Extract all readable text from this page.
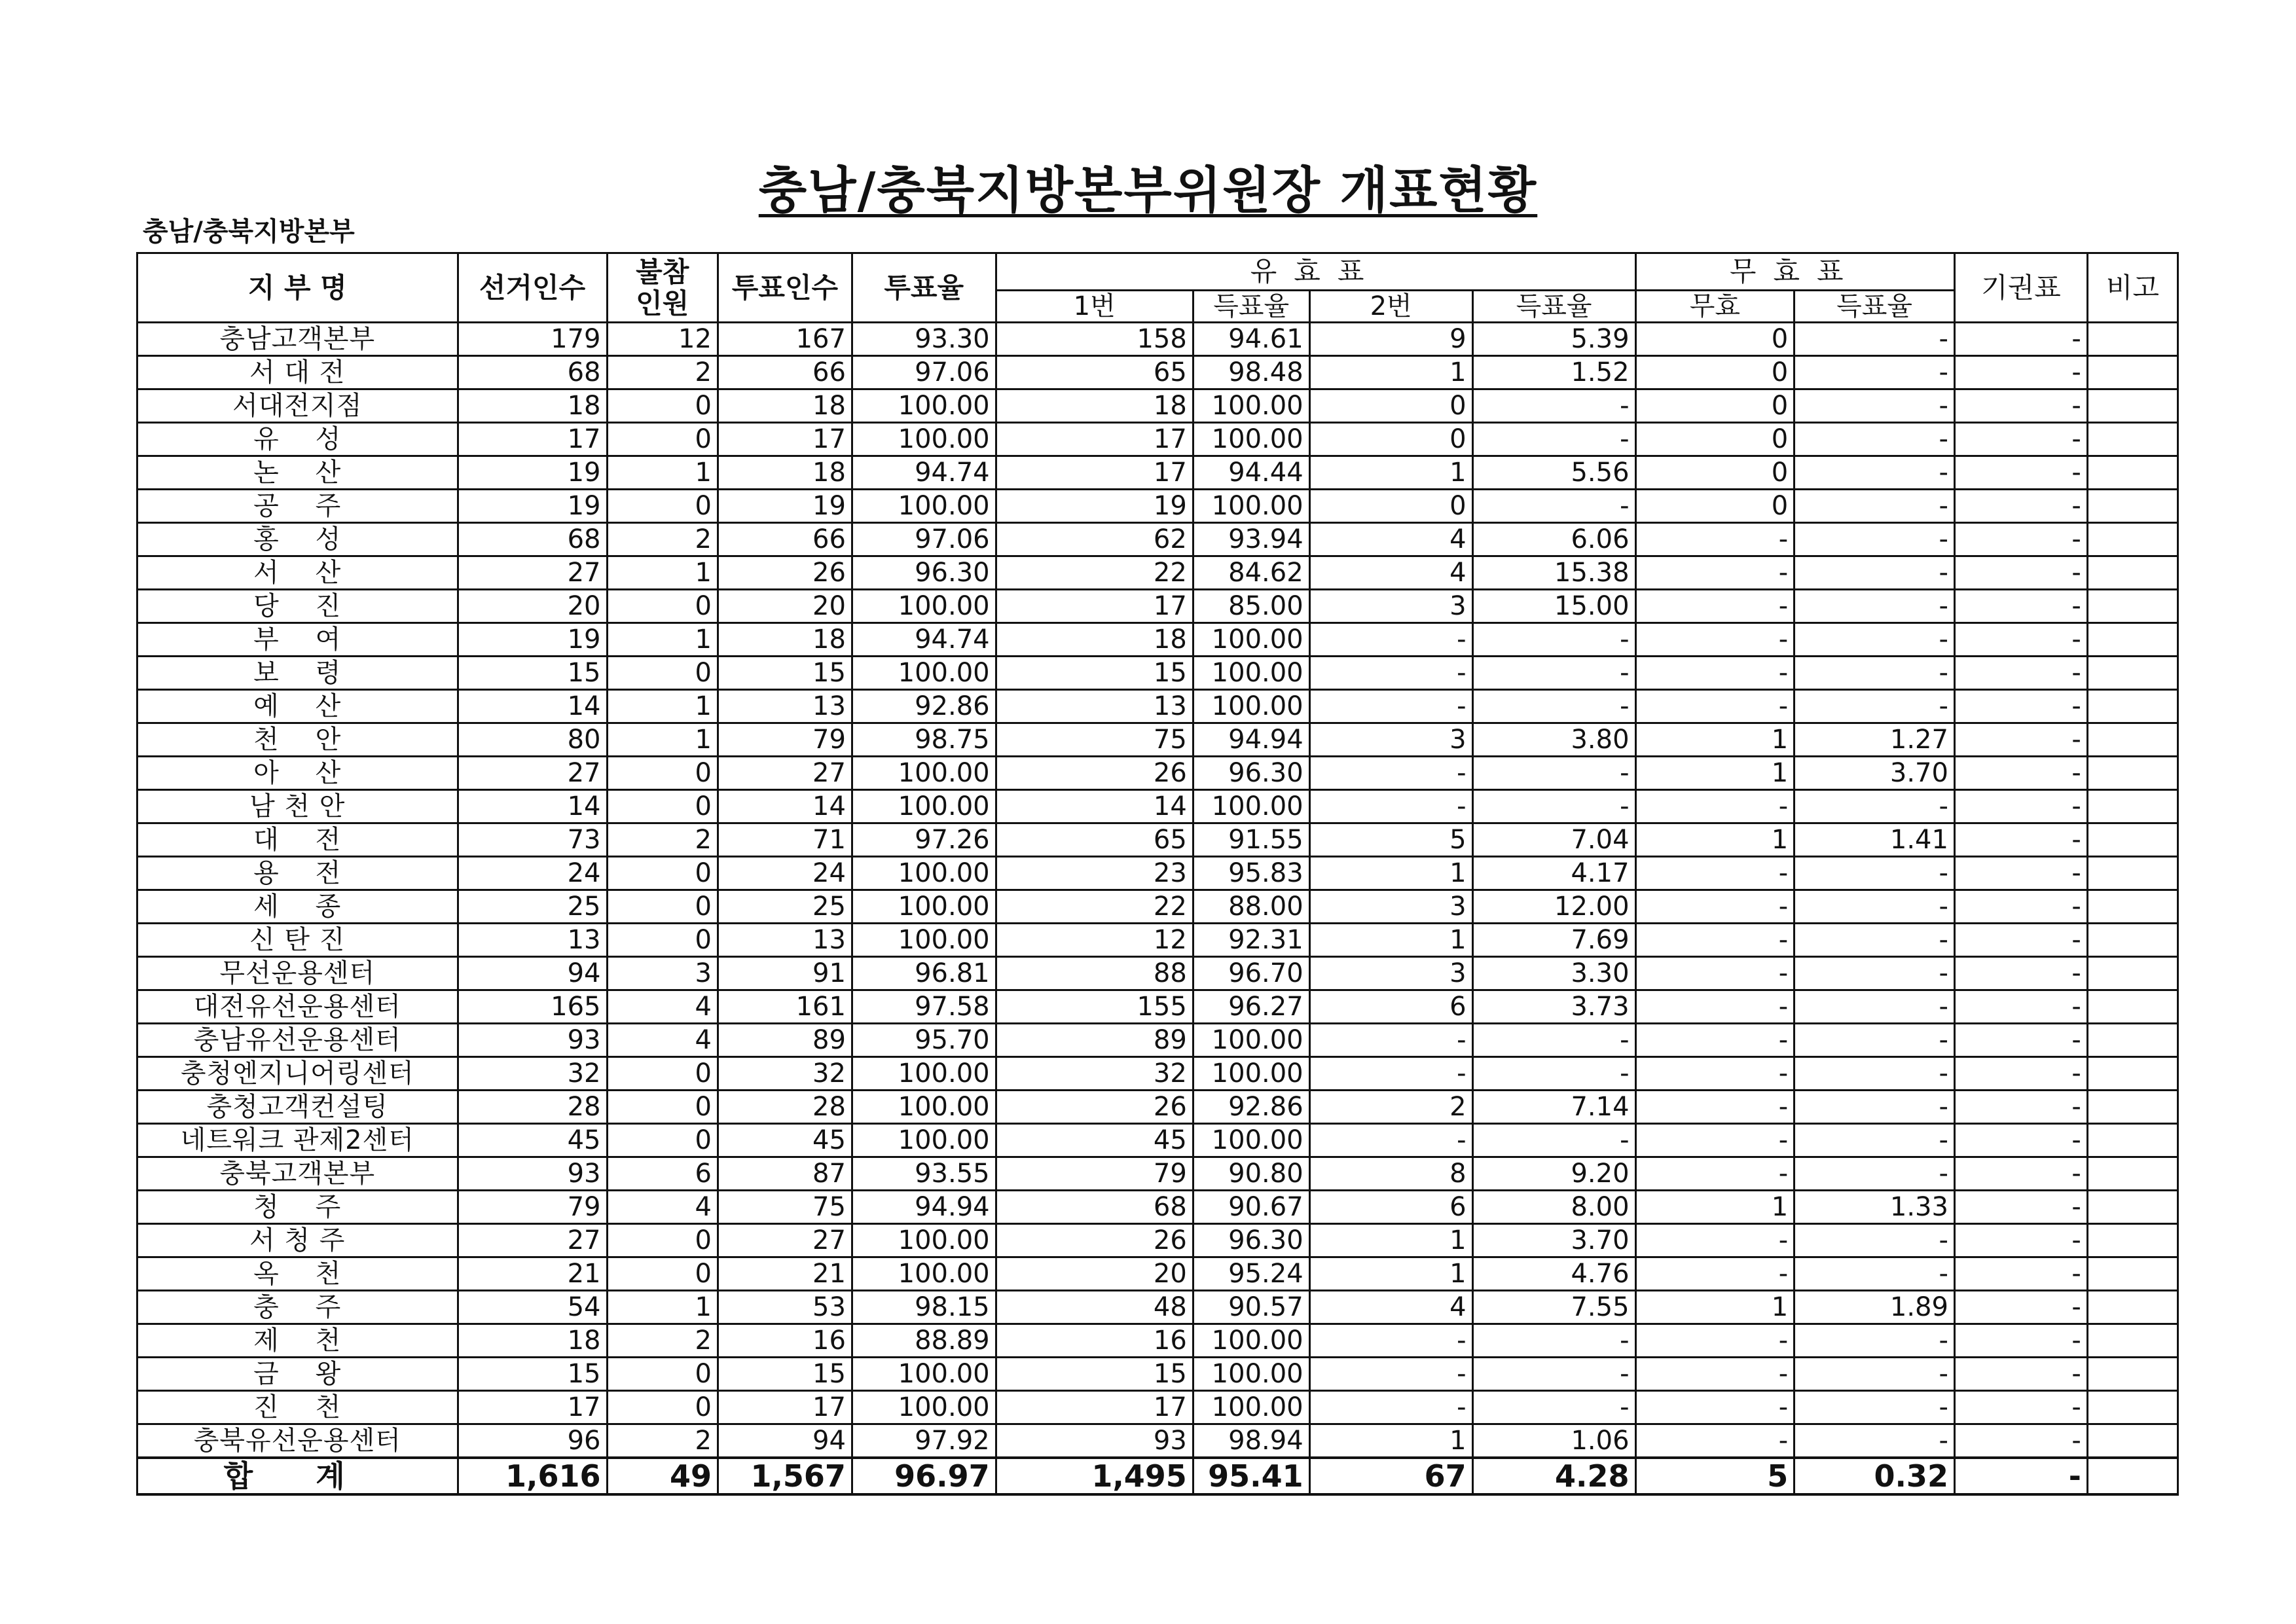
충남/충북지방본부위원장 개표현황
충남/충북지방본부
지 부 명	선거인수	불참
인원	투표인수	투표율	유효표				무효표		기권표	비고
					1번	득표율	2번	득표율	무효	득표율		
충남고객본부	179	12	167	93.30	158	94.61	9	5.39	0	-	-	
서 대 전	68	2	66	97.06	65	98.48	1	1.52	0	-	-	
서대전지점	18	0	18	100.00	18	100.00	0	-	0	-	-	
유    성	17	0	17	100.00	17	100.00	0	-	0	-	-	
논    산	19	1	18	94.74	17	94.44	1	5.56	0	-	-	
공    주	19	0	19	100.00	19	100.00	0	-	0	-	-	
홍    성	68	2	66	97.06	62	93.94	4	6.06	-	-	-	
서    산	27	1	26	96.30	22	84.62	4	15.38	-	-	-	
당    진	20	0	20	100.00	17	85.00	3	15.00	-	-	-	
부    여	19	1	18	94.74	18	100.00	-	-	-	-	-	
보    령	15	0	15	100.00	15	100.00	-	-	-	-	-	
예    산	14	1	13	92.86	13	100.00	-	-	-	-	-	
천    안	80	1	79	98.75	75	94.94	3	3.80	1	1.27	-	
아    산	27	0	27	100.00	26	96.30	-	-	1	3.70	-	
남 천 안	14	0	14	100.00	14	100.00	-	-	-	-	-	
대    전	73	2	71	97.26	65	91.55	5	7.04	1	1.41	-	
용    전	24	0	24	100.00	23	95.83	1	4.17	-	-	-	
세    종	25	0	25	100.00	22	88.00	3	12.00	-	-	-	
신 탄 진	13	0	13	100.00	12	92.31	1	7.69	-	-	-	
무선운용센터	94	3	91	96.81	88	96.70	3	3.30	-	-	-	
대전유선운용센터	165	4	161	97.58	155	96.27	6	3.73	-	-	-	
충남유선운용센터	93	4	89	95.70	89	100.00	-	-	-	-	-	
충청엔지니어링센터	32	0	32	100.00	32	100.00	-	-	-	-	-	
충청고객컨설팅	28	0	28	100.00	26	92.86	2	7.14	-	-	-	
네트워크 관제2센터	45	0	45	100.00	45	100.00	-	-	-	-	-	
충북고객본부	93	6	87	93.55	79	90.80	8	9.20	-	-	-	
청    주	79	4	75	94.94	68	90.67	6	8.00	1	1.33	-	
서 청 주	27	0	27	100.00	26	96.30	1	3.70	-	-	-	
옥    천	21	0	21	100.00	20	95.24	1	4.76	-	-	-	
충    주	54	1	53	98.15	48	90.57	4	7.55	1	1.89	-	
제    천	18	2	16	88.89	16	100.00	-	-	-	-	-	
금    왕	15	0	15	100.00	15	100.00	-	-	-	-	-	
진    천	17	0	17	100.00	17	100.00	-	-	-	-	-	
충북유선운용센터	96	2	94	97.92	93	98.94	1	1.06	-	-	-	
합 계	1,616	49	1,567	96.97	1,495	95.41	67	4.28	5	0.32	-	
